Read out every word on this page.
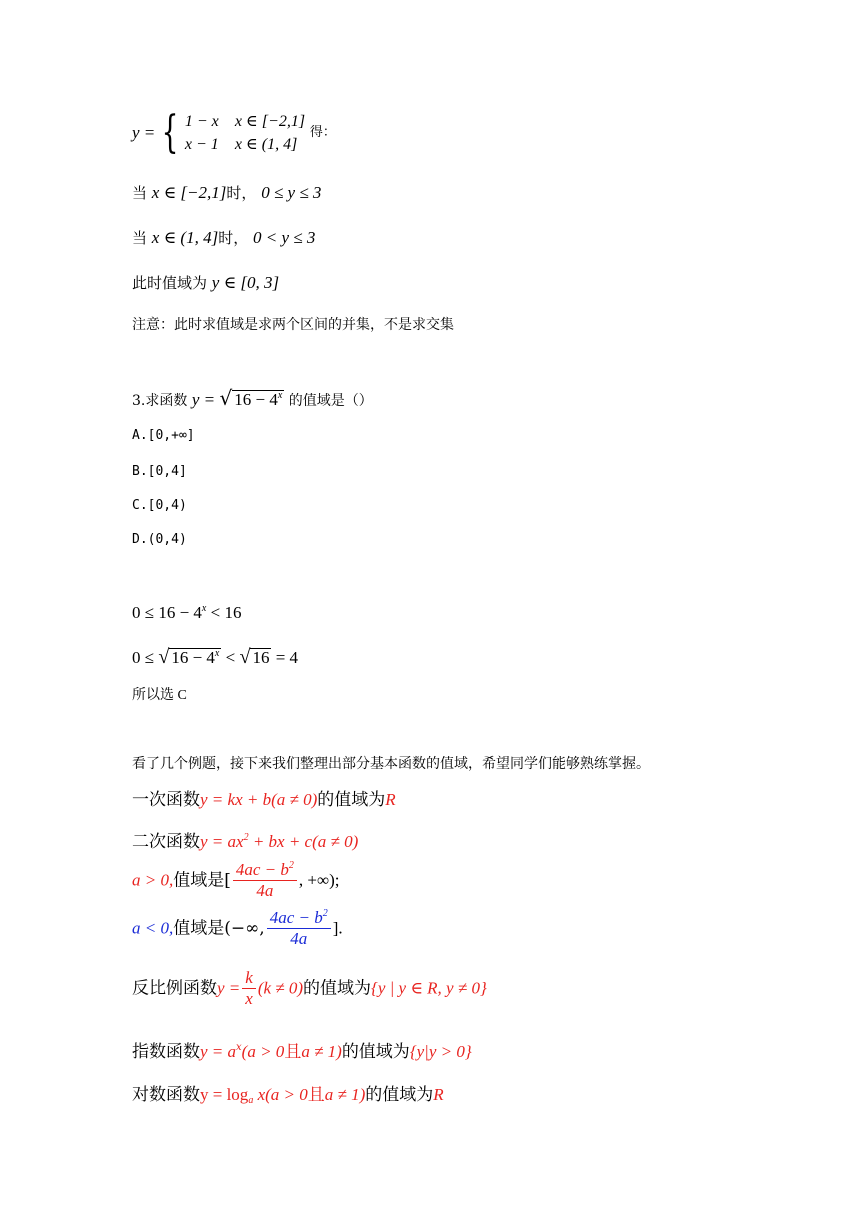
y = { 1 − x x ∈ [−2,1]
x − 1 x ∈ (1, 4]
得：
当 x ∈ [−2,1]时， 0 ≤ y ≤ 3
当 x ∈ (1, 4]时， 0 < y ≤ 3
此时值域为 y ∈ [0, 3]
注意：此时求值域是求两个区间的并集，不是求交集
3.求函数 y = √ $16 - 4^x$ 的值域是（）
A.[0,+∞]
B.[0,4]
C.[0,4)
D.(0,4)
$0 \le 16 - 4^x < 16$
0 ≤ √ $16 - 4^x$ < √ 16 = 4
所以选 C
看了几个例题，接下来我们整理出部分基本函数的值域，希望同学们能够熟练掌握。
一次函数y = kx + b(a ≠ 0)的值域为R
二次函数$y = ax^2$ + bx + c(a ≠ 0)
a > 0,值域是[ $\frac{4ac - b^2}{4a}$ , +∞);
a < 0,值域是(−∞, $\frac{4ac - b^2}{4a}$ ].
反比例函数$y = \frac{k}{x} (k \ne 0)$的值域为{y | y ∈ R, y ≠ 0}
指数函数$y = a^x(a > 0$且a ≠ 1)的值域为{y|y > 0}
对数函数$y = \log_a x(a > 0$且a ≠ 1)的值域为R
